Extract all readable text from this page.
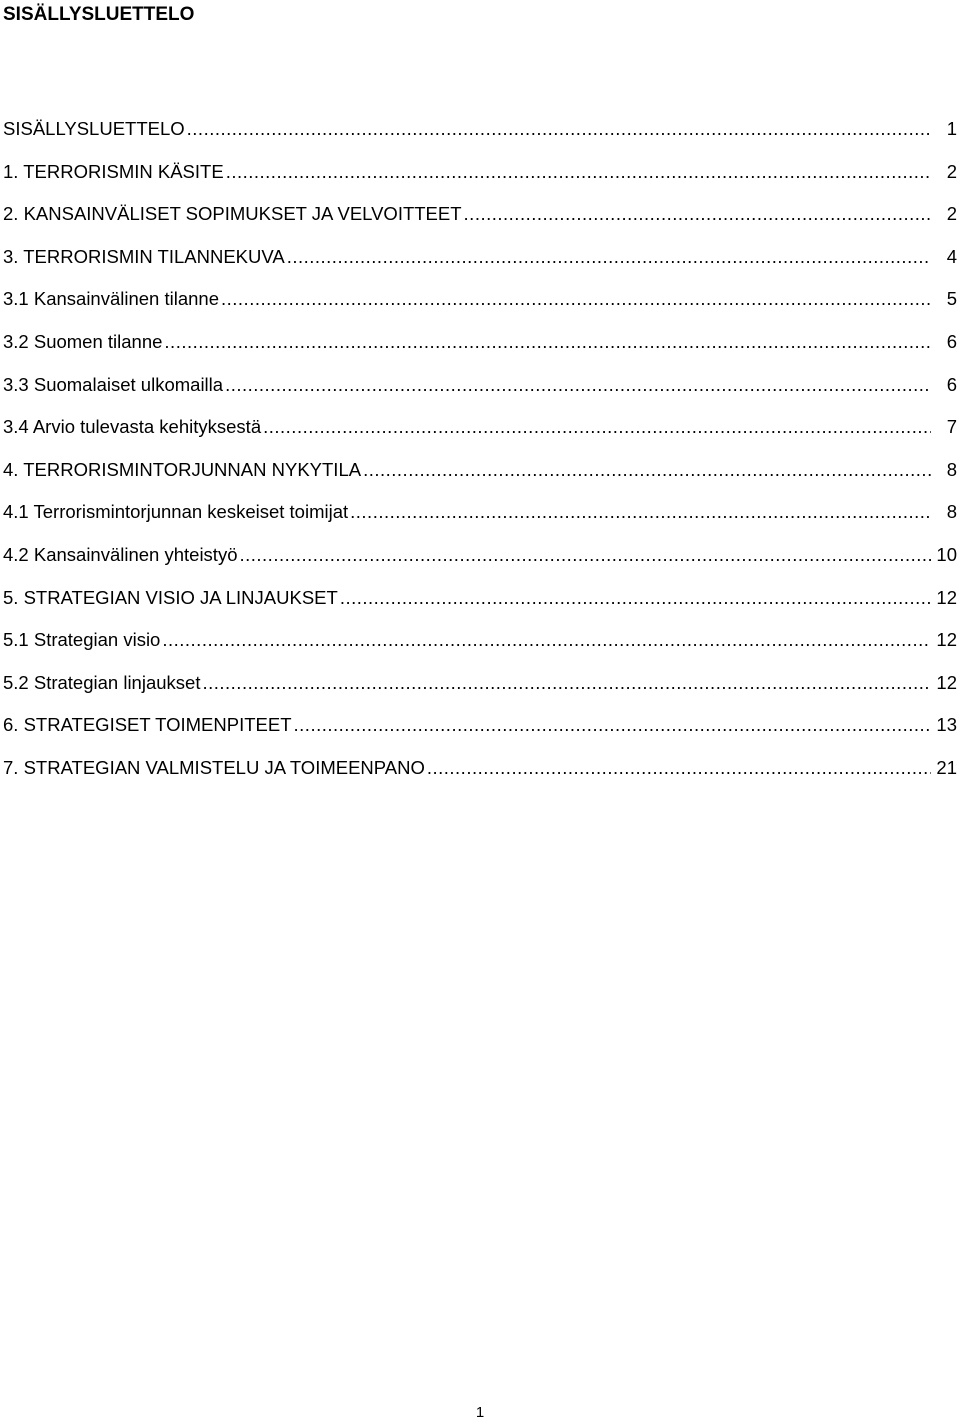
SISÄLLYSLUETTELO
SISÄLLYSLUETTELO .....	1
1. TERRORISMIN KÄSITE .....	2
2. KANSAINVÄLISET SOPIMUKSET JA VELVOITTEET .....	2
3. TERRORISMIN TILANNEKUVA .....	4
3.1 Kansainvälinen tilanne .....	5
3.2 Suomen tilanne .....	6
3.3 Suomalaiset ulkomailla .....	6
3.4 Arvio tulevasta kehityksestä .....	7
4. TERRORISMINTORJUNNAN NYKYTILA .....	8
4.1 Terrorismintorjunnan keskeiset toimijat .....	8
4.2 Kansainvälinen yhteistyö .....	10
5. STRATEGIAN VISIO JA LINJAUKSET .....	12
5.1 Strategian visio .....	12
5.2 Strategian linjaukset .....	12
6. STRATEGISET TOIMENPITEET .....	13
7. STRATEGIAN VALMISTELU JA TOIMEENPANO .....	21
1
